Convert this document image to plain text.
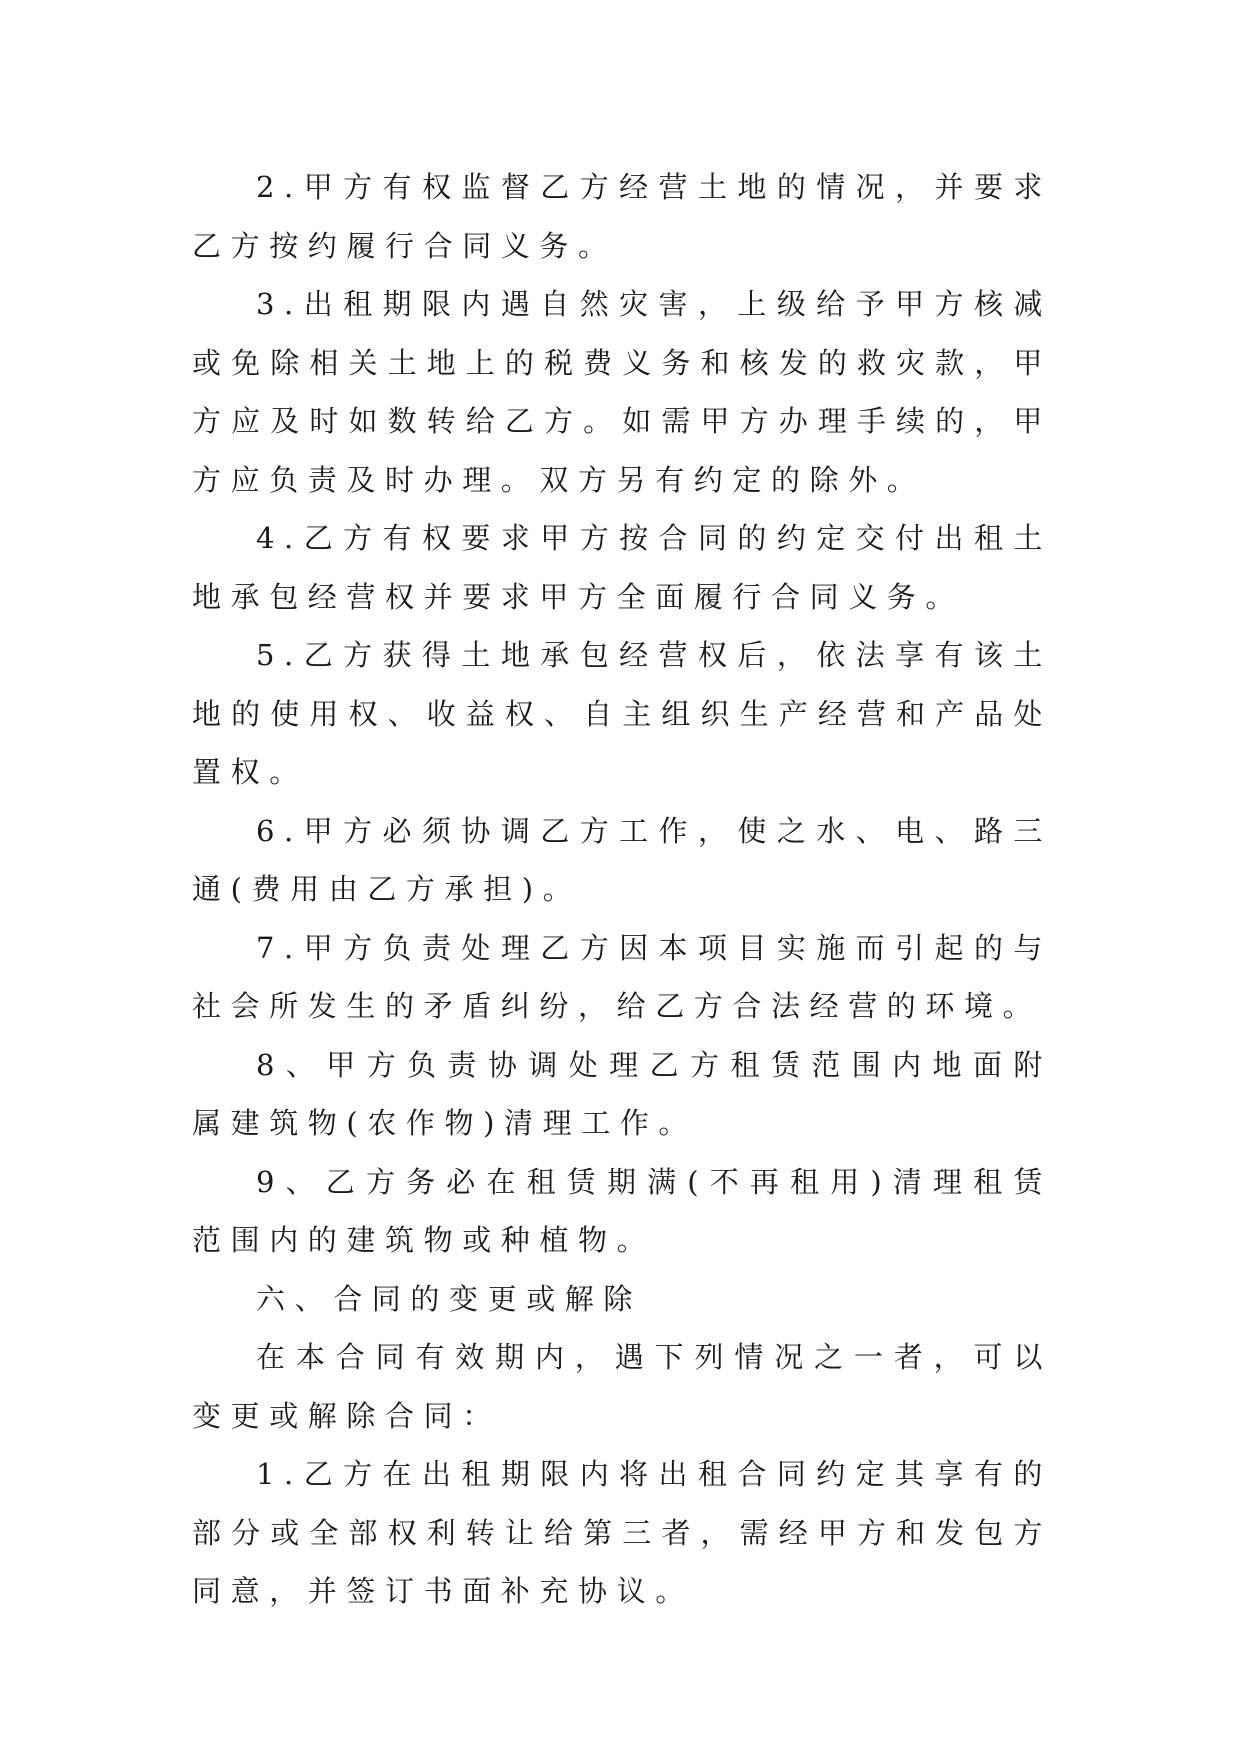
2.甲方有权监督乙方经营土地的情况，并要求乙方按约履行合同义务。

3.出租期限内遇自然灾害，上级给予甲方核减或免除相关土地上的税费义务和核发的救灾款，甲方应及时如数转给乙方。如需甲方办理手续的，甲方应负责及时办理。双方另有约定的除外。

4.乙方有权要求甲方按合同的约定交付出租土地承包经营权并要求甲方全面履行合同义务。

5.乙方获得土地承包经营权后，依法享有该土地的使用权、收益权、自主组织生产经营和产品处置权。

6.甲方必须协调乙方工作，使之水、电、路三通(费用由乙方承担)。

7.甲方负责处理乙方因本项目实施而引起的与社会所发生的矛盾纠纷，给乙方合法经营的环境。

8、甲方负责协调处理乙方租赁范围内地面附属建筑物(农作物)清理工作。

9、乙方务必在租赁期满(不再租用)清理租赁范围内的建筑物或种植物。

六、合同的变更或解除

在本合同有效期内，遇下列情况之一者，可以变更或解除合同：

1.乙方在出租期限内将出租合同约定其享有的部分或全部权利转让给第三者，需经甲方和发包方同意，并签订书面补充协议。
